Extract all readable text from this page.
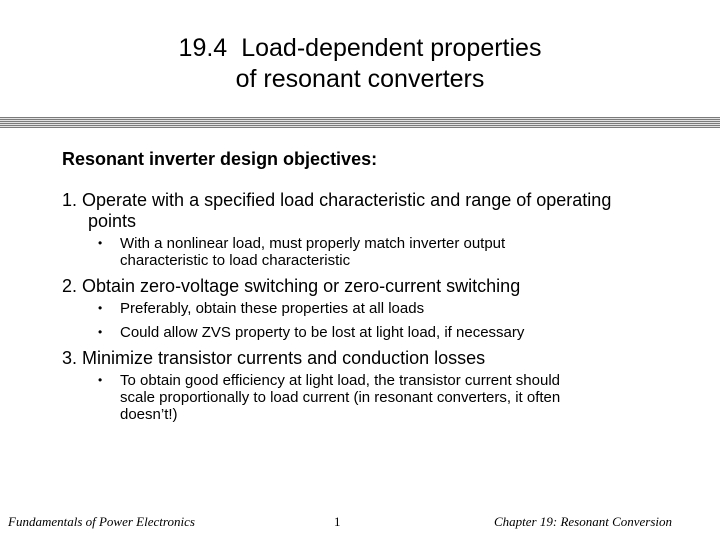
19.4 Load-dependent properties
of resonant converters

Resonant inverter design objectives:

1. Operate with a specified load characteristic and range of operating
points

• With a nonlinear load, must properly match inverter output
characteristic to load characteristic

2. Obtain zero-voltage switching or zero-current switching

• Preferably, obtain these properties at all loads
• Could allow ZVS property to be lost at light load, if necessary

3. Minimize transistor currents and conduction losses

• To obtain good efficiency at light load, the transistor current should
scale proportionally to load current (in resonant converters, it often
doesn’t!)
Fundamentals of Power Electronics	1	Chapter 19: Resonant Conversion
